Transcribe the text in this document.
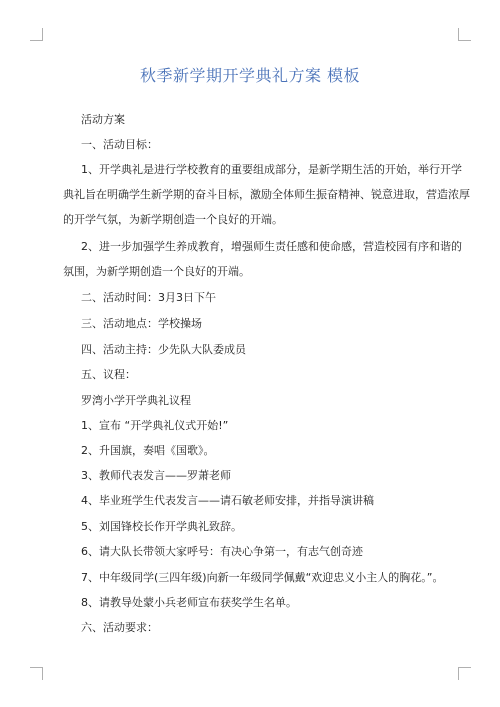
秋季新学期开学典礼方案 模板
活动方案
一、活动目标：
1、开学典礼是进行学校教育的重要组成部分，是新学期生活的开始，举行开学
典礼旨在明确学生新学期的奋斗目标，激励全体师生振奋精神、锐意进取，营造浓厚
的开学气氛，为新学期创造一个良好的开端。
2、进一步加强学生养成教育，增强师生责任感和使命感，营造校园有序和谐的
氛围，为新学期创造一个良好的开端。
二、活动时间：3月3日下午
三、活动地点：学校操场
四、活动主持：少先队大队委成员
五、议程：
罗湾小学开学典礼议程
1、宣布 “开学典礼仪式开始!”
2、升国旗，奏唱《国歌》。
3、教师代表发言——罗萧老师
4、毕业班学生代表发言——请石敏老师安排，并指导演讲稿
5、刘国锋校长作开学典礼致辞。
6、请大队长带领大家呼号：有决心争第一，有志气创奇迹
7、中年级同学(三四年级)向新一年级同学佩戴“欢迎忠义小主人的胸花。”。
8、请教导处蒙小兵老师宣布获奖学生名单。
六、活动要求：
